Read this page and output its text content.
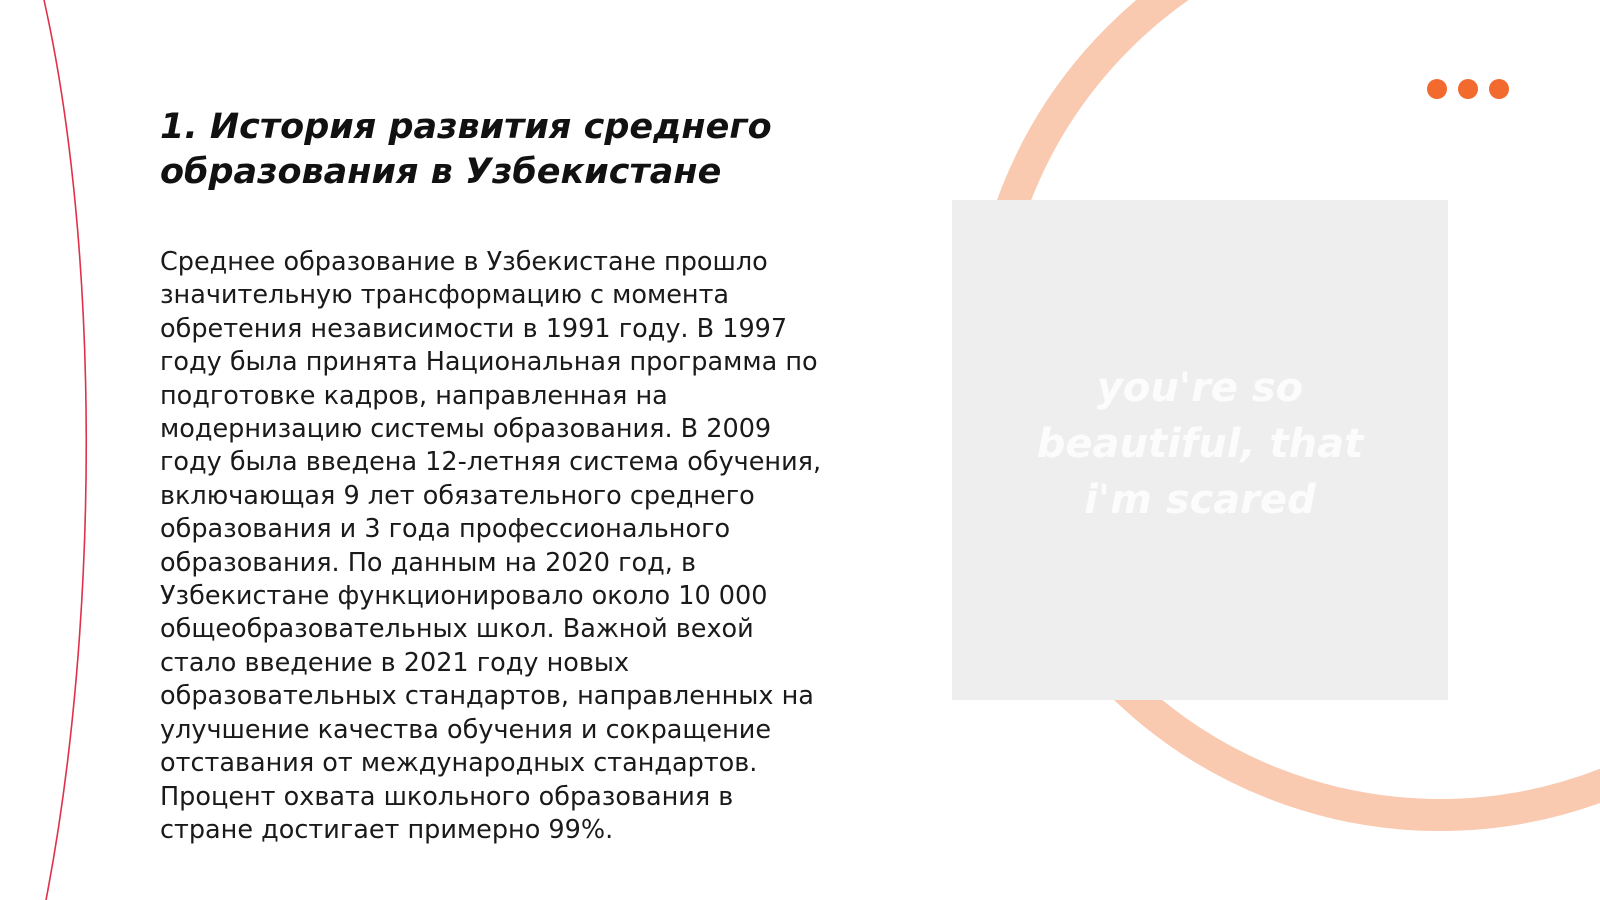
1. История развития среднего
образования в Узбекистане

Среднее образование в Узбекистане прошло
значительную трансформацию с момента
обретения независимости в 1991 году. В 1997
году была принята Национальная программа по
подготовке кадров, направленная на
модернизацию системы образования. В 2009
году была введена 12-летняя система обучения,
включающая 9 лет обязательного среднего
образования и 3 года профессионального
образования. По данным на 2020 год, в
Узбекистане функционировало около 10 000
общеобразовательных школ. Важной вехой
стало введение в 2021 году новых
образовательных стандартов, направленных на
улучшение качества обучения и сокращение
отставания от международных стандартов.
Процент охвата школьного образования в
стране достигает примерно 99%.

you're so
beautiful, that
i'm scared
